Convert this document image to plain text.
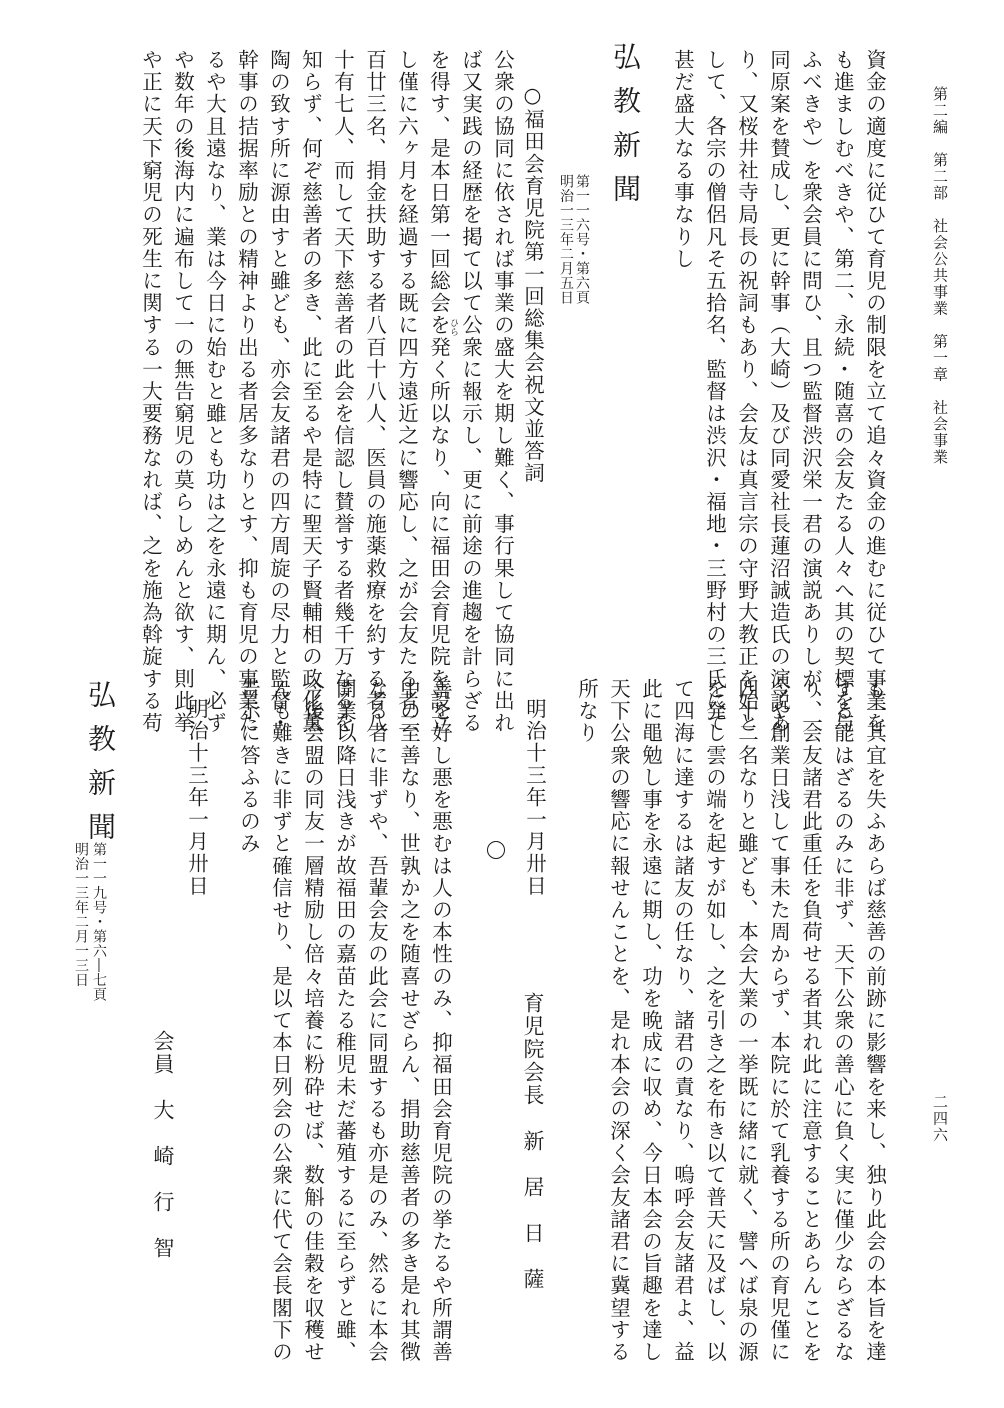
第二編　第二部　社会公共事業　第一章　社会事業
二四六
資金の適度に従ひて育児の制限を立て追々資金の進むに従ひて事業を
も進ましむべきや、第二、永続・随喜の会友たる人々へ其の契標を与
ふべきや）を衆会員に問ひ、且つ監督渋沢栄一君の演説ありしが、一
同原案を賛成し、更に幹事（大崎）及び同愛社長蓮沼誠造氏の演説あ
り、又桜井社寺局長の祝詞もあり、会友は真言宗の守野大教正を始と
して、各宗の僧侶凡そ五拾名、監督は渋沢・福地・三野村の三氏にて
甚だ盛大なる事なりし
弘教新聞
第一一六号・第六頁
明治一三年二月五日
○福田会育児院第一回総集会祝文並答詞
公衆の協同に依されば事業の盛大を期し難く、事行果して協同に出れ
ば又実践の経歴を掲て以て公衆に報示し、更に前途の進趨を計らざる
を得す、是本日第一回総会を発く所以なり、向に福田会育児院を設立
ひら
し僅に六ヶ月を経過する既に四方遠近之に響応し、之が会友たる者二
百廿三名、捐金扶助する者八百十八人、医員の施薬救療を約する者八
十有七人、而して天下慈善者の此会を信認し賛誉する者幾千万なるを
知らず、何ぞ慈善者の多き、此に至るや是特に聖天子賢輔相の政化薫
陶の致す所に源由すと雖ども、亦会友諸君の四方周旋の尽力と監督・
幹事の拮据率励との精神より出る者居多なりとす、抑も育児の事業た
るや大且遠なり、業は今日に始むと雖とも功は之を永遠に期ん、必ず
や数年の後海内に遍布して一の無告窮児の莫らしめんと欲す、則此挙
や正に天下窮児の死生に関する一大要務なれば、之を施為斡旋する苟
も一其宜を失ふあらば慈善の前跡に影響を来し、独り此会の本旨を達
する能はざるのみに非ず、天下公衆の善心に負く実に僅少ならざるな
り、会友諸君此重任を負荷せる者其れ此に注意することあらんことを
今や創業日浅して事未た周からず、本院に於て乳養する所の育児僅に
四十二名なりと雖ども、本会大業の一挙既に緒に就く、譬へば泉の源
を発し雲の端を起すが如し、之を引き之を布き以て普天に及ばし、以
て四海に達するは諸友の任なり、諸君の責なり、嗚呼会友諸君よ、益
此に黽勉し事を永遠に期し、功を晩成に収め、今日本会の旨趣を達し
天下公衆の響応に報せんことを、是れ本会の深く会友諸君に冀望する
所なり
明治十三年一月卅日
育児院会長　新　居　日　薩
善を好し悪を悪むは人の本性のみ、抑福田会育児院の挙たるや所謂善
中の至善なり、世孰か之を随喜せざらん、捐助慈善者の多き是れ其徴
なる者に非ずや、吾輩会友の此会に同盟するも亦是のみ、然るに本会
開業以降日浅きが故福田の嘉苗たる稚児未だ蕃殖するに至らずと雖、
今後会盟の同友一層精励し倍々培養に粉砕せば、数斛の佳穀を収穫せ
んも難きに非ずと確信せり、是以て本日列会の公衆に代て会長閣下の
告示に答ふるのみ
明治十三年一月卅日
会員　大　崎　行　智
弘教新聞
第一一九号・第六―七頁
明治一三年二月一三日
